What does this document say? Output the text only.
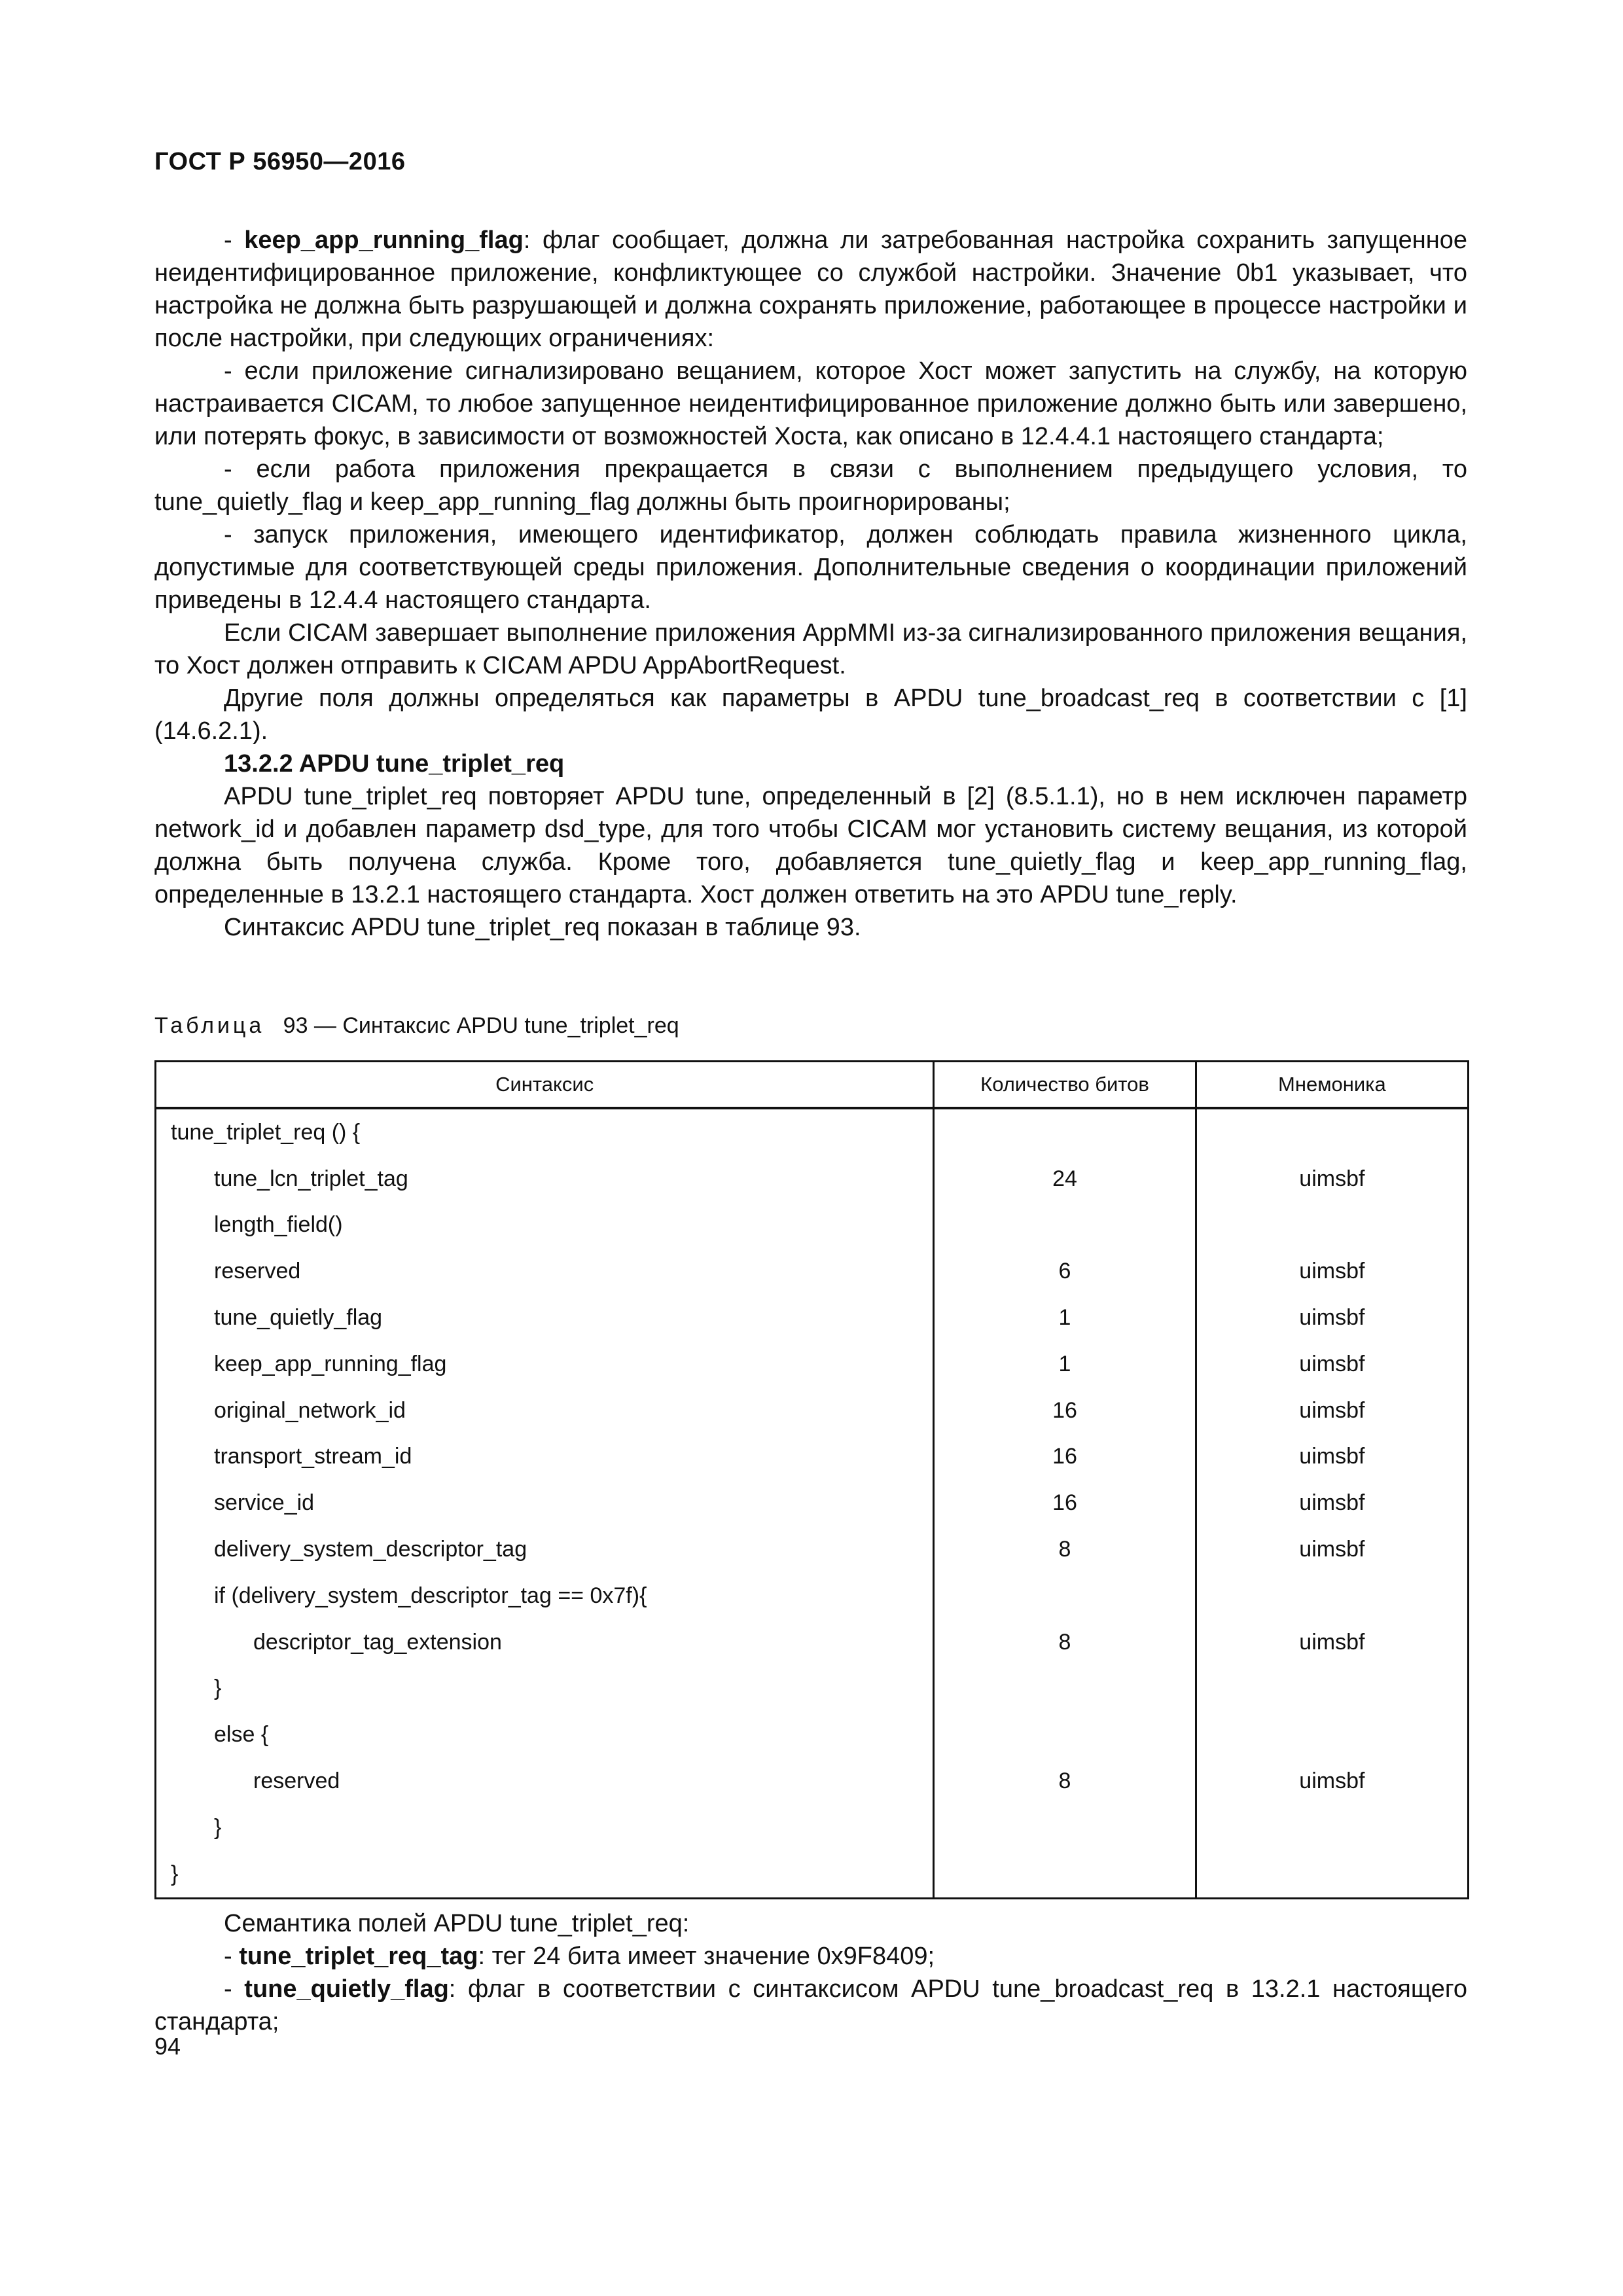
ГОСТ Р 56950—2016

- keep_app_running_flag: флаг сообщает, должна ли затребованная настройка сохранить запущенное неидентифицированное приложение, конфликтующее со службой настройки. Значение 0b1 указывает, что настройка не должна быть разрушающей и должна сохранять приложение, работающее в процессе настройки и после настройки, при следующих ограничениях:

- если приложение сигнализировано вещанием, которое Хост может запустить на службу, на которую настраивается CICAM, то любое запущенное неидентифицированное приложение должно быть или завершено, или потерять фокус, в зависимости от возможностей Хоста, как описано в 12.4.4.1 настоящего стандарта;

- если работа приложения прекращается в связи с выполнением предыдущего условия, то tune_quietly_flag и keep_app_running_flag должны быть проигнорированы;

- запуск приложения, имеющего идентификатор, должен соблюдать правила жизненного цикла, допустимые для соответствующей среды приложения. Дополнительные сведения о координации приложений приведены в 12.4.4 настоящего стандарта.

Если CICAM завершает выполнение приложения AppMMI из-за сигнализированного приложения вещания, то Хост должен отправить к CICAM APDU AppAbortRequest.

Другие поля должны определяться как параметры в APDU tune_broadcast_req в соответствии с [1] (14.6.2.1).

13.2.2 APDU tune_triplet_req

APDU tune_triplet_req повторяет APDU tune, определенный в [2] (8.5.1.1), но в нем исключен параметр network_id и добавлен параметр dsd_type, для того чтобы CICAM мог установить систему вещания, из которой должна быть получена служба. Кроме того, добавляется tune_quietly_flag и keep_app_running_flag, определенные в 13.2.1 настоящего стандарта. Хост должен ответить на это APDU tune_reply.

Синтаксис APDU tune_triplet_req показан в таблице 93.

Таблица 93 — Синтаксис APDU tune_triplet_req
Синтаксис	Количество битов	Мнемоника
tune_triplet_req () {		
tune_lcn_triplet_tag	24	uimsbf
length_field()		
reserved	6	uimsbf
tune_quietly_flag	1	uimsbf
keep_app_running_flag	1	uimsbf
original_network_id	16	uimsbf
transport_stream_id	16	uimsbf
service_id	16	uimsbf
delivery_system_descriptor_tag	8	uimsbf
if (delivery_system_descriptor_tag == 0x7f){		
descriptor_tag_extension	8	uimsbf
}		
else {		
reserved	8	uimsbf
}		
}		

Семантика полей APDU tune_triplet_req:

- tune_triplet_req_tag: тег 24 бита имеет значение 0x9F8409;

- tune_quietly_flag: флаг в соответствии с синтаксисом APDU tune_broadcast_req в 13.2.1 настоящего стандарта;

94
